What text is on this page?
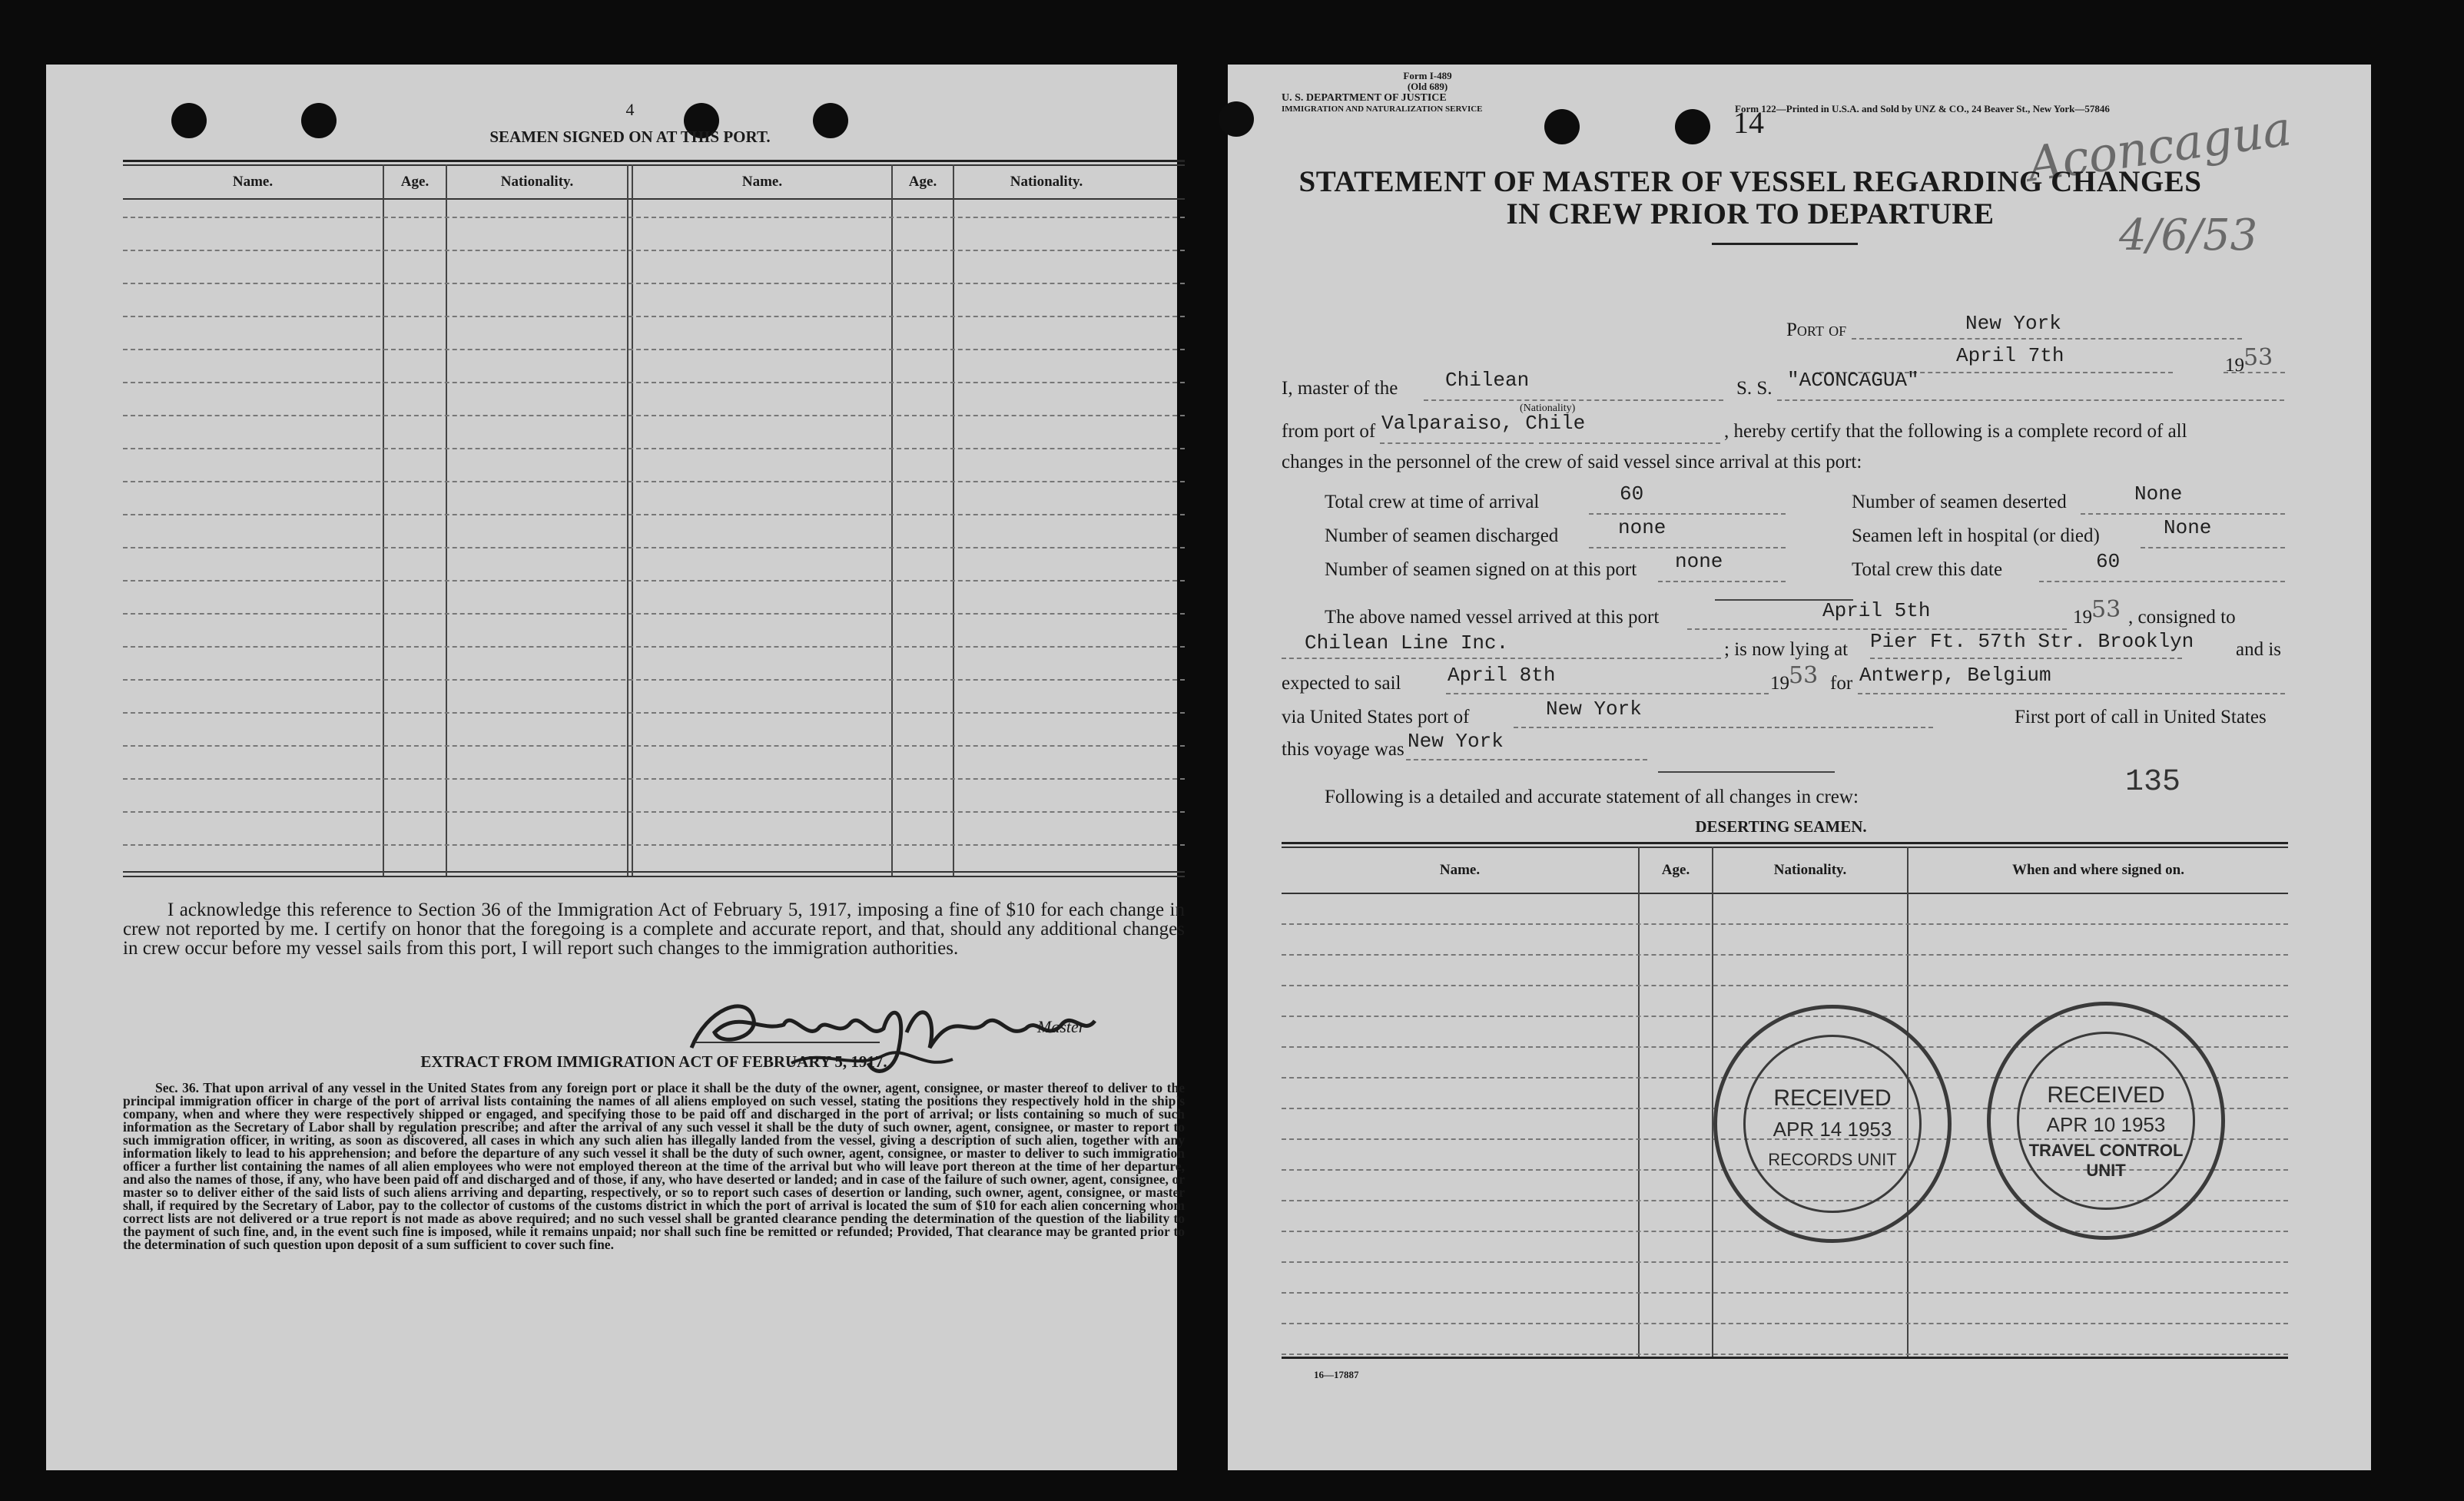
4
SEAMEN SIGNED ON AT THIS PORT.
Name.	Age.	Nationality.	Name.	Age.	Nationality.
I acknowledge this reference to Section 36 of the Immigration Act of February 5, 1917, imposing a fine of $10 for each change in crew not reported by me. I certify on honor that the foregoing is a complete and accurate report, and that, should any additional changes in crew occur before my vessel sails from this port, I will report such changes to the immigration authorities.
Master
EXTRACT FROM IMMIGRATION ACT OF FEBRUARY 5, 1917.
Sec. 36. That upon arrival of any vessel in the United States from any foreign port or place it shall be the duty of the owner, agent, consignee, or master thereof to deliver to the principal immigration officer in charge of the port of arrival lists containing the names of all aliens employed on such vessel, stating the positions they respectively hold in the ship's company, when and where they were respectively shipped or engaged, and specifying those to be paid off and discharged in the port of arrival; or lists containing so much of such information as the Secretary of Labor shall by regulation prescribe; and after the arrival of any such vessel it shall be the duty of such owner, agent, consignee, or master to report to such immigration officer, in writing, as soon as discovered, all cases in which any such alien has illegally landed from the vessel, giving a description of such alien, together with any information likely to lead to his apprehension; and before the departure of any such vessel it shall be the duty of such owner, agent, consignee, or master to deliver to such immigration officer a further list containing the names of all alien employees who were not employed thereon at the time of the arrival but who will leave port thereon at the time of her departure, and also the names of those, if any, who have been paid off and discharged and of those, if any, who have deserted or landed; and in case of the failure of such owner, agent, consignee, or master so to deliver either of the said lists of such aliens arriving and departing, respectively, or so to report such cases of desertion or landing, such owner, agent, consignee, or master shall, if required by the Secretary of Labor, pay to the collector of customs of the customs district in which the port of arrival is located the sum of $10 for each alien concerning whom correct lists are not delivered or a true report is not made as above required; and no such vessel shall be granted clearance pending the determination of the question of the liability to the payment of such fine, and, in the event such fine is imposed, while it remains unpaid; nor shall such fine be remitted or refunded; Provided, That clearance may be granted prior to the determination of such question upon deposit of a sum sufficient to cover such fine.
Form I-489
(Old 689)
U. S. DEPARTMENT OF JUSTICE
IMMIGRATION AND NATURALIZATION SERVICE	14
Form 122—Printed in U.S.A. and Sold by UNZ & CO., 24 Beaver St., New York—57846
Aconcagua
4/6/53
STATEMENT OF MASTER OF VESSEL REGARDING CHANGES
IN CREW PRIOR TO DEPARTURE
Port of	New York
April 7th	19 53
I, master of the Chilean
(Nationality)
S. S. "ACONCAGUA"
from port of Valparaiso, Chile	, hereby certify that the following is a complete record of all
changes in the personnel of the crew of said vessel since arrival at this port:
Total crew at time of arrival	60	Number of seamen deserted	None
Number of seamen discharged	none	Seamen left in hospital (or died)	None
Number of seamen signed on at this port none	Total crew this date	60
The above named vessel arrived at this port	April 5th	19 53 , consigned to
Chilean Line Inc.	; is now lying at Pier Ft. 57th Str. Brooklyn and is
expected to sail April 8th	19 53 for Antwerp, Belgium
via United States port of	New York	First port of call in United States
this voyage was New York
Following is a detailed and accurate statement of all changes in crew:	135
DESERTING SEAMEN.
Name.	Age.	Nationality.	When and where signed on.
RECEIVED
APR 14 1953
RECORDS UNIT
RECEIVED
APR 10 1953
TRAVEL CONTROL
UNIT
16—17887
